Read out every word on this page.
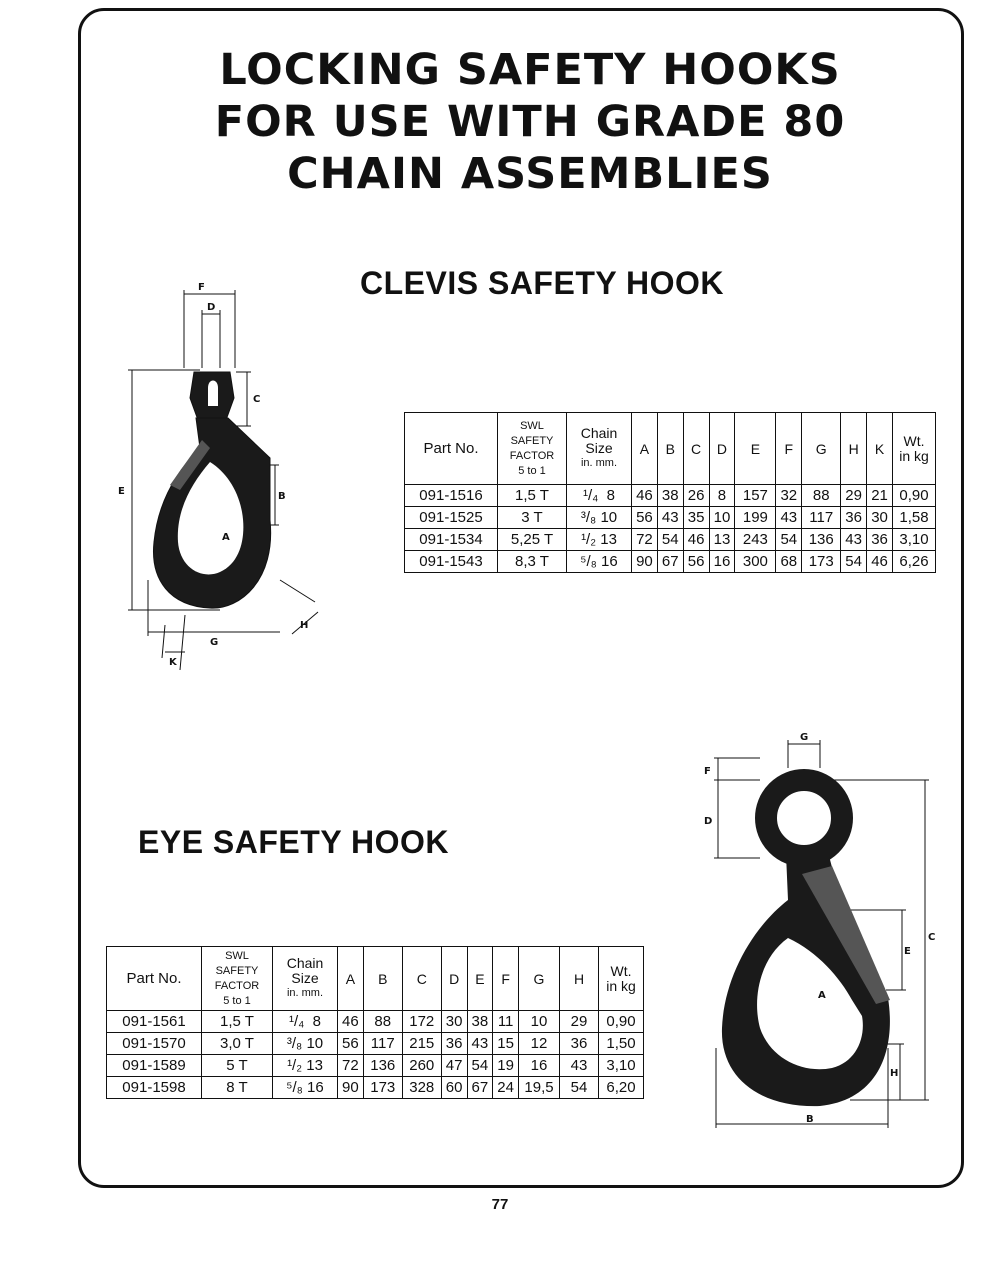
LOCKING SAFETY HOOKS
FOR USE WITH GRADE 80
CHAIN ASSEMBLIES
CLEVIS SAFETY HOOK
F
D
C
E	B
A
G
H
K
Part No.	SWL
SAFETY
FACTOR
5 to 1	Chain
Size
in. mm.	A	B	C	D	E	F	G	H	K	Wt.
in kg

091-1516	1,5 T	¹/₄ 8	46	38	26	8	157	32	88	29	21	0,90
091-1525	3 T	³/₈ 10	56	43	35	10	199	43	117	36	30	1,58
091-1534	5,25 T	¹/₂ 13	72	54	46	13	243	54	136	43	36	3,10
091-1543	8,3 T	⁵/₈ 16	90	67	56	16	300	68	173	54	46	6,26
EYE SAFETY HOOK
Part No.	SWL
SAFETY
FACTOR
5 to 1	Chain
Size
in. mm.	A	B	C	D	E	F	G	H	Wt.
in kg

091-1561	1,5 T	¹/₄ 8	46	88	172	30	38	11	10	29	0,90
091-1570	3,0 T	³/₈ 10	56	117	215	36	43	15	12	36	1,50
091-1589	5 T	¹/₂ 13	72	136	260	47	54	19	16	43	3,10
091-1598	8 T	⁵/₈ 16	90	173	328	60	67	24	19,5	54	6,20
G
F
D
E
C
A
H
B

77
